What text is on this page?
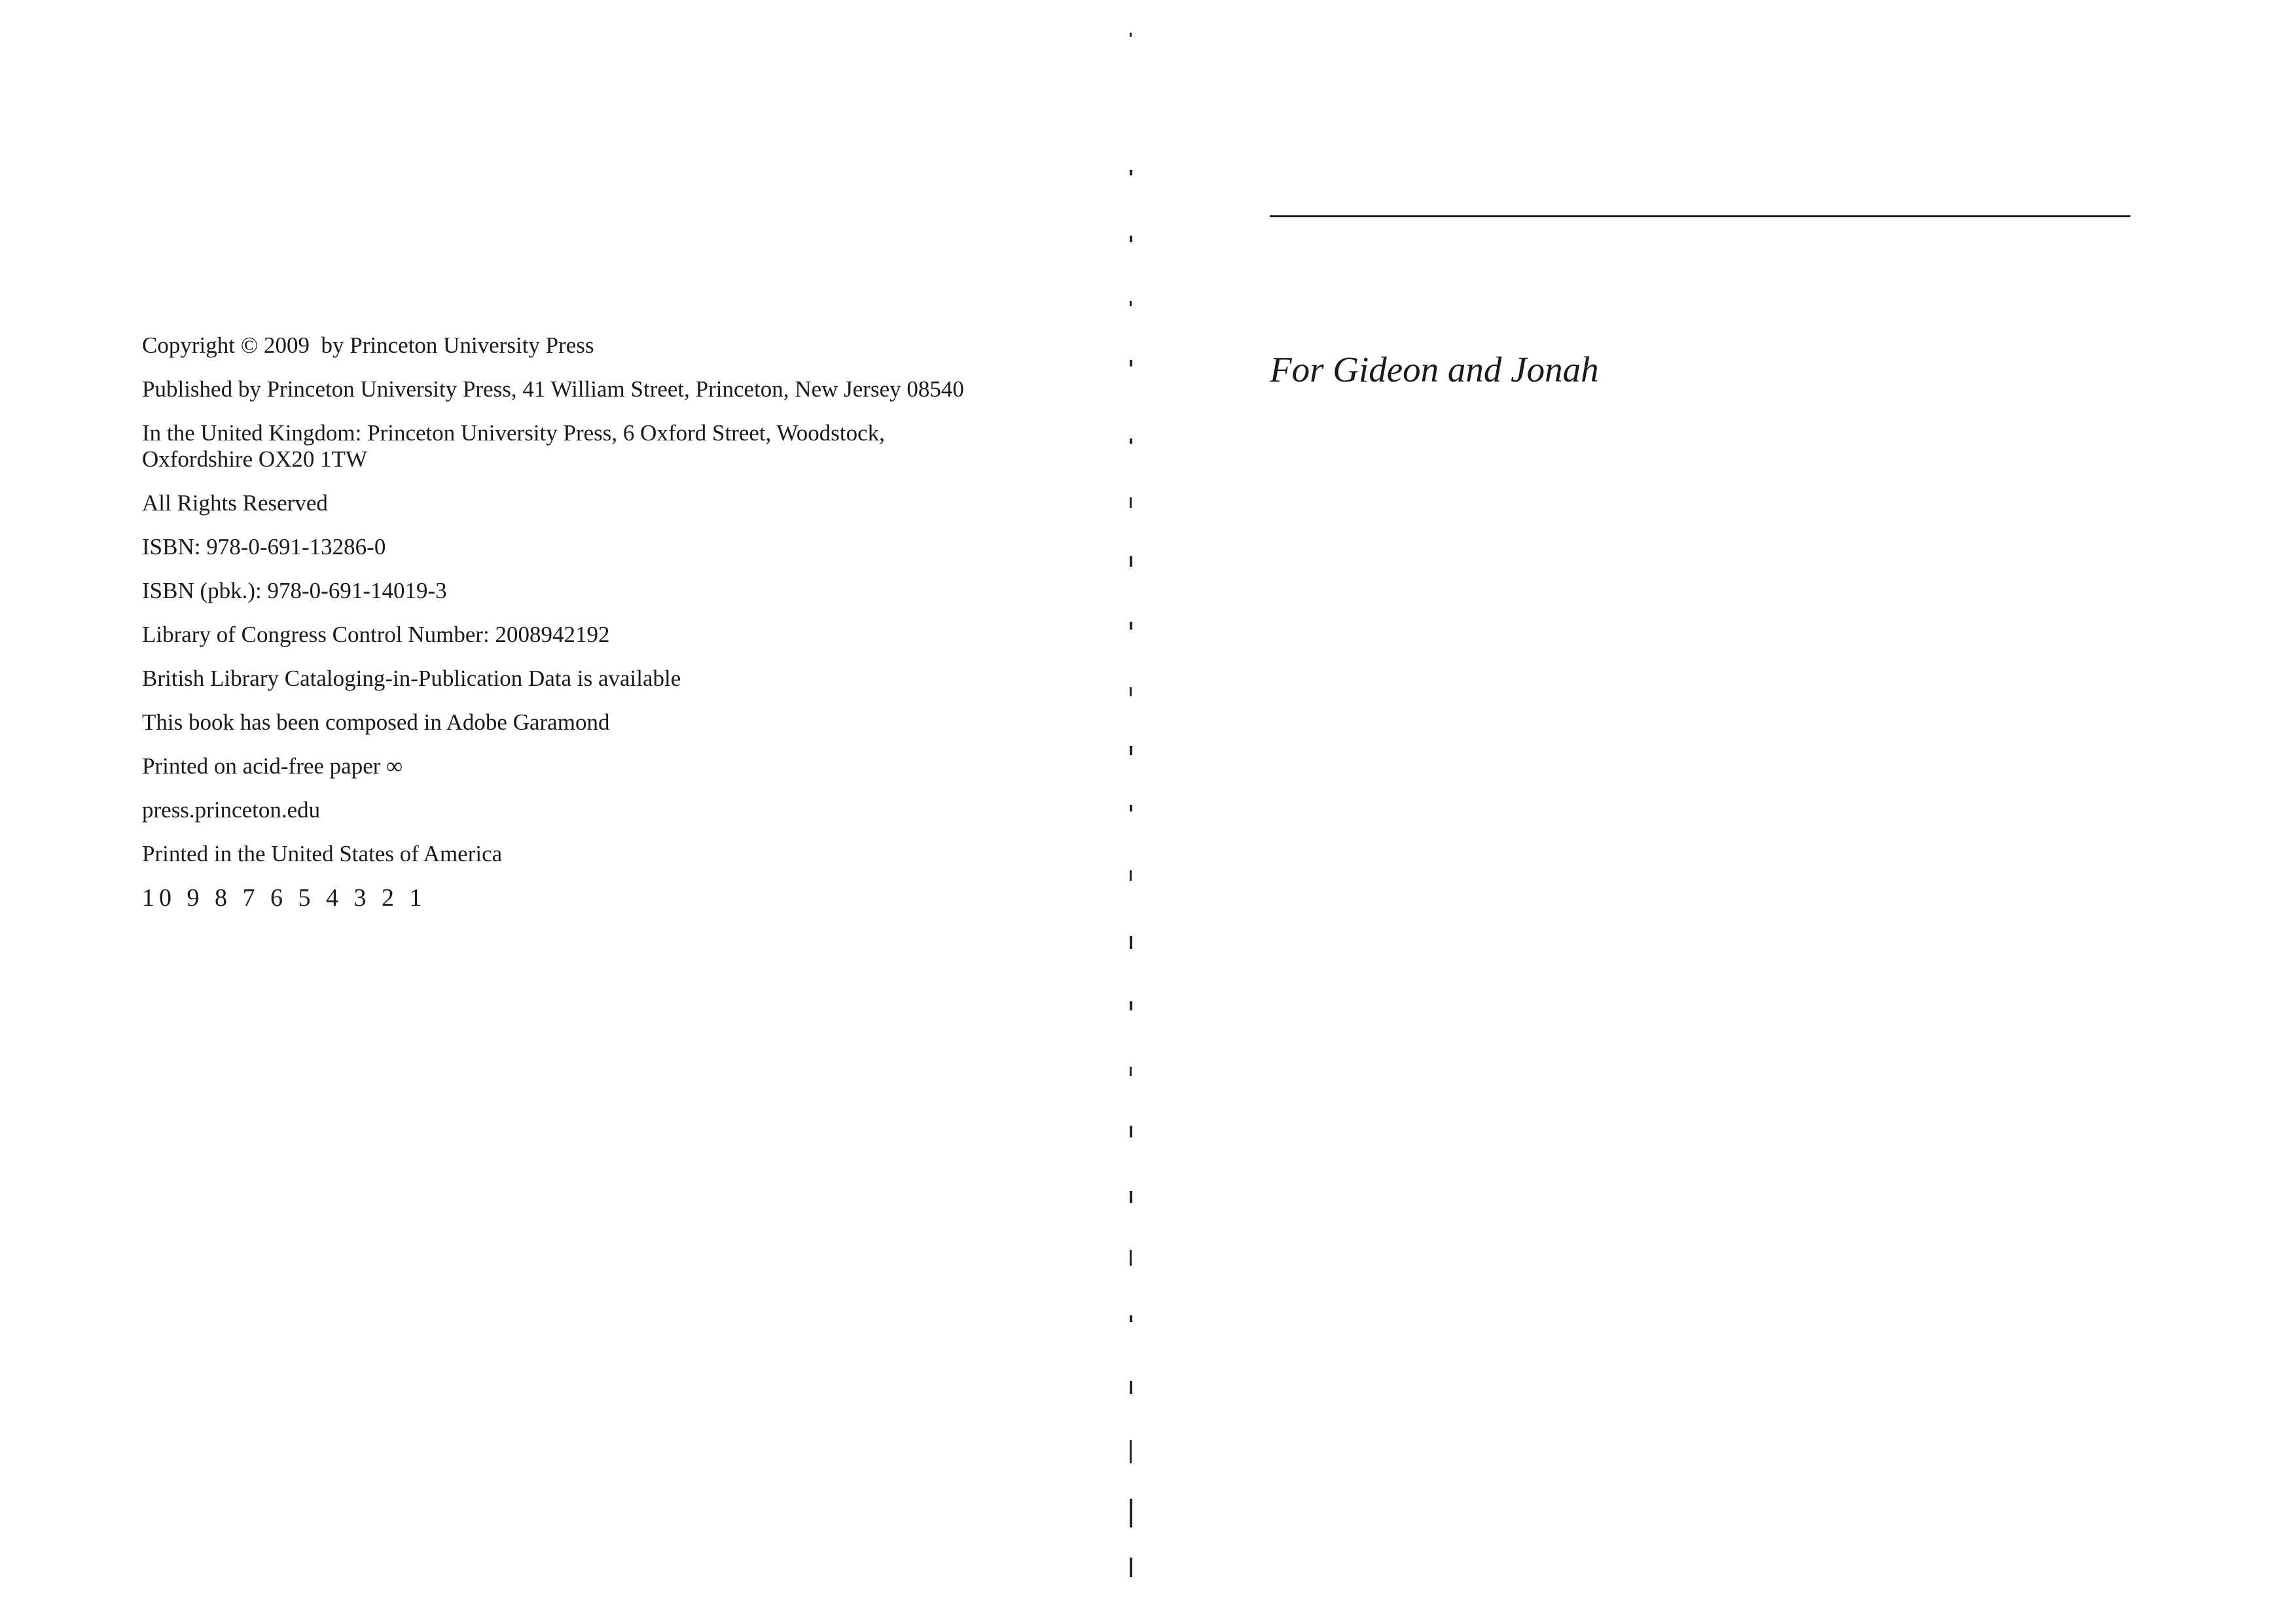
Copyright © 2009  by Princeton University Press

Published by Princeton University Press, 41 William Street, Princeton, New Jersey 08540

In the United Kingdom: Princeton University Press, 6 Oxford Street, Woodstock,

Oxfordshire OX20 1TW

All Rights Reserved

ISBN: 978-0-691-13286-0

ISBN (pbk.): 978-0-691-14019-3

Library of Congress Control Number: 2008942192

British Library Cataloging-in-Publication Data is available

This book has been composed in Adobe Garamond

Printed on acid-free paper ∞

press.princeton.edu

Printed in the United States of America

10 9 8 7 6 5 4 3 2 1

For Gideon and Jonah
